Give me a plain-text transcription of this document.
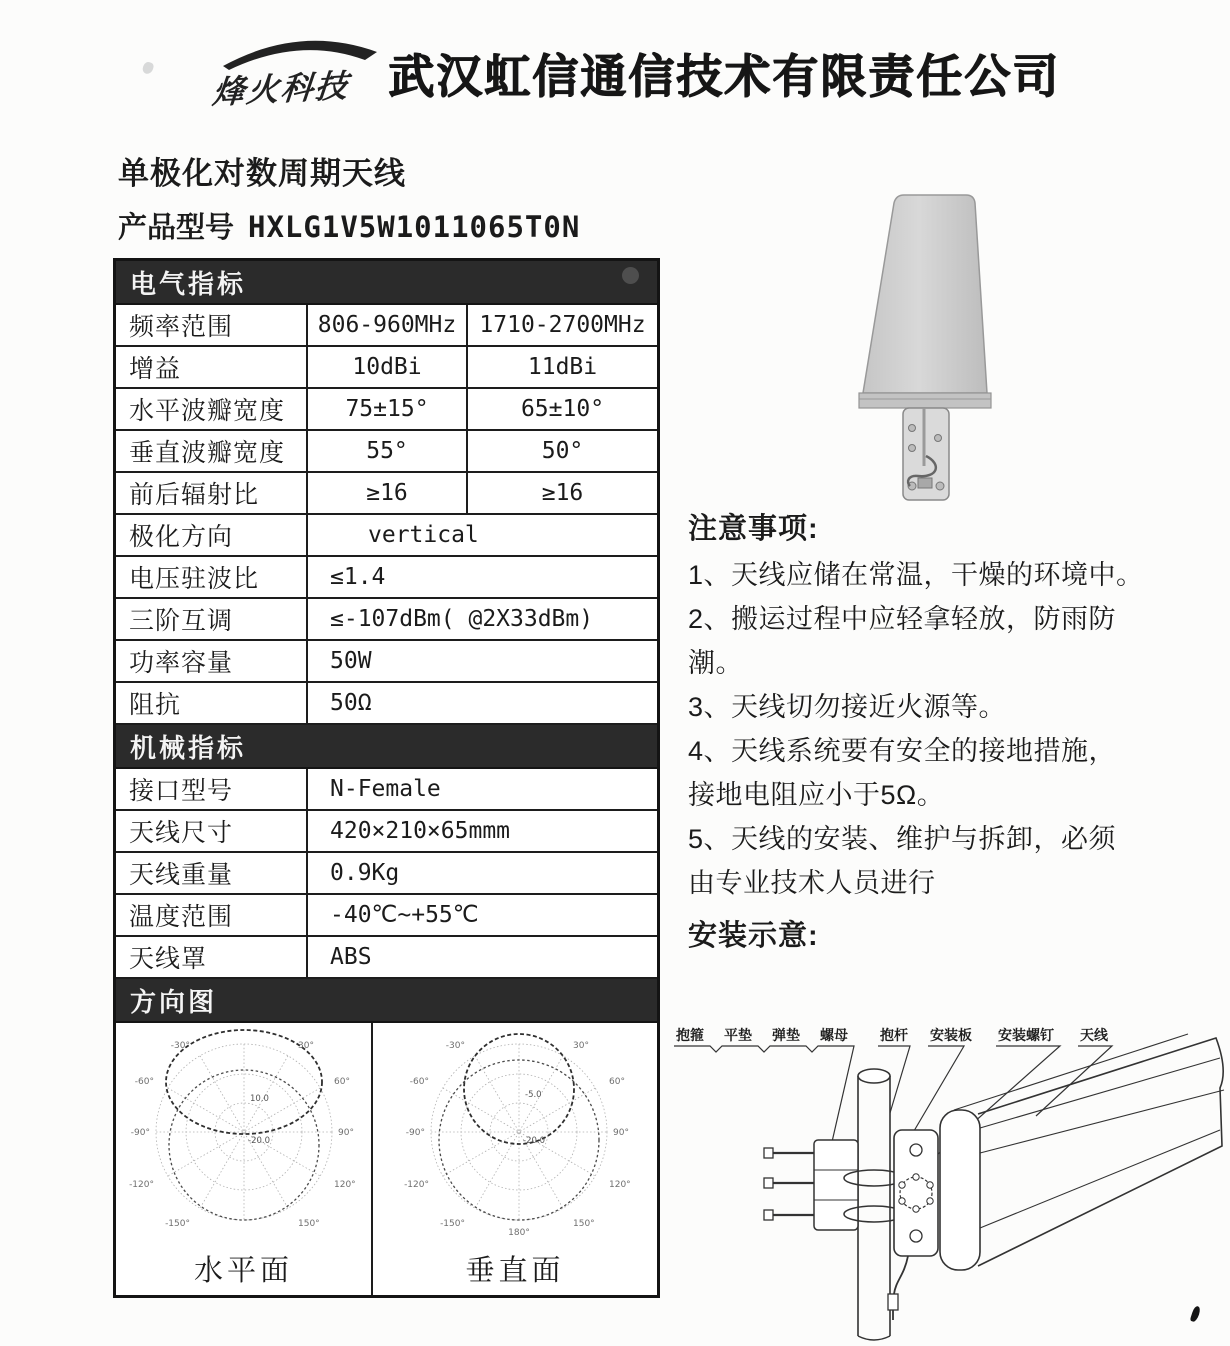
烽火科技 武汉虹信通信技术有限责任公司
单极化对数周期天线
产品型号 HXLG1V5W1011065T0N
电气指标
频率范围	806-960MHz	1710-2700MHz
增益	10dBi	11dBi
水平波瓣宽度	75±15°	65±10°
垂直波瓣宽度	55°	50°
前后辐射比	≥16	≥16
极化方向	vertical
电压驻波比	≤1.4
三阶互调	≤-107dBm( @2X33dBm)
功率容量	50W
阻抗	50Ω
机械指标
接口型号	N-Female
天线尺寸	420×210×65mmm
天线重量	0.9Kg
温度范围	-40℃~+55℃
天线罩	ABS
方向图
-30°	30°
-60°	60°
-90°	90°
-120°	120°
-150°	150°
10.0
-20.0
水平面
-30°	30°
-60°	60°
-90°	90°
-120°	120°
-150°	150°
180°
-5.0
-20.0
垂直面
注意事项:
1、天线应储在常温，干燥的环境中。
2、搬运过程中应轻拿轻放，防雨防
潮。
3、天线切勿接近火源等。
4、天线系统要有安全的接地措施，
接地电阻应小于5Ω。
5、天线的安装、维护与拆卸，必须
由专业技术人员进行
安装示意:
抱箍 平垫 弹垫 螺母 抱杆 安装板 安装螺钉 天线
